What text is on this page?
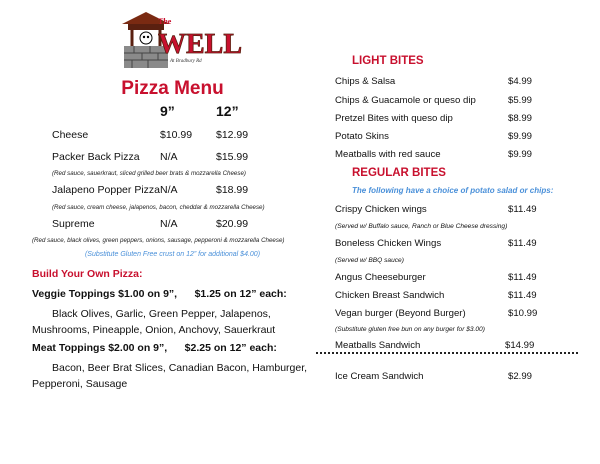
The
WELL
At Bradbury Rd
Pizza Menu
9”	12”
Cheese	$10.99 $12.99
Packer Back Pizza N/A	$15.99
(Red sauce, sauerkraut, sliced grilled beer brats & mozzarella Cheese)
Jalapeno Popper Pizza N/A	$18.99
(Red sauce, cream cheese, jalapenos, bacon, cheddar & mozzarella Cheese)
Supreme	N/A	$20.99
(Red sauce, black olives, green peppers, onions, sausage, pepperoni & mozzarella Cheese)
(Substitute Gluten Free crust on 12” for additional $4.00)
Build Your Own Pizza:
Veggie Toppings $1.00 on 9”,      $1.25 on 12” each:
Black Olives, Garlic, Green Pepper, Jalapenos,
Mushrooms, Pineapple, Onion, Anchovy, Sauerkraut
Meat Toppings $2.00 on 9”,      $2.25 on 12” each:
Bacon, Beer Brat Slices, Canadian Bacon, Hamburger,
Pepperoni, Sausage
LIGHT BITES
Chips & Salsa	$4.99
Chips & Guacamole or queso dip	$5.99
Pretzel Bites with queso dip	$8.99
Potato Skins	$9.99
Meatballs with red sauce	$9.99
REGULAR BITES
The following have a choice of potato salad or chips:
Crispy Chicken wings	$11.49
(Served w/ Buffalo sauce, Ranch or Blue Cheese dressing)
Boneless Chicken Wings	$11.49
(Served w/ BBQ sauce)
Angus Cheeseburger	$11.49
Chicken Breast Sandwich	$11.49
Vegan burger (Beyond Burger)	$10.99
(Substitute gluten free bun on any burger for $3.00)
Meatballs Sandwich	$14.99
Ice Cream Sandwich	$2.99
